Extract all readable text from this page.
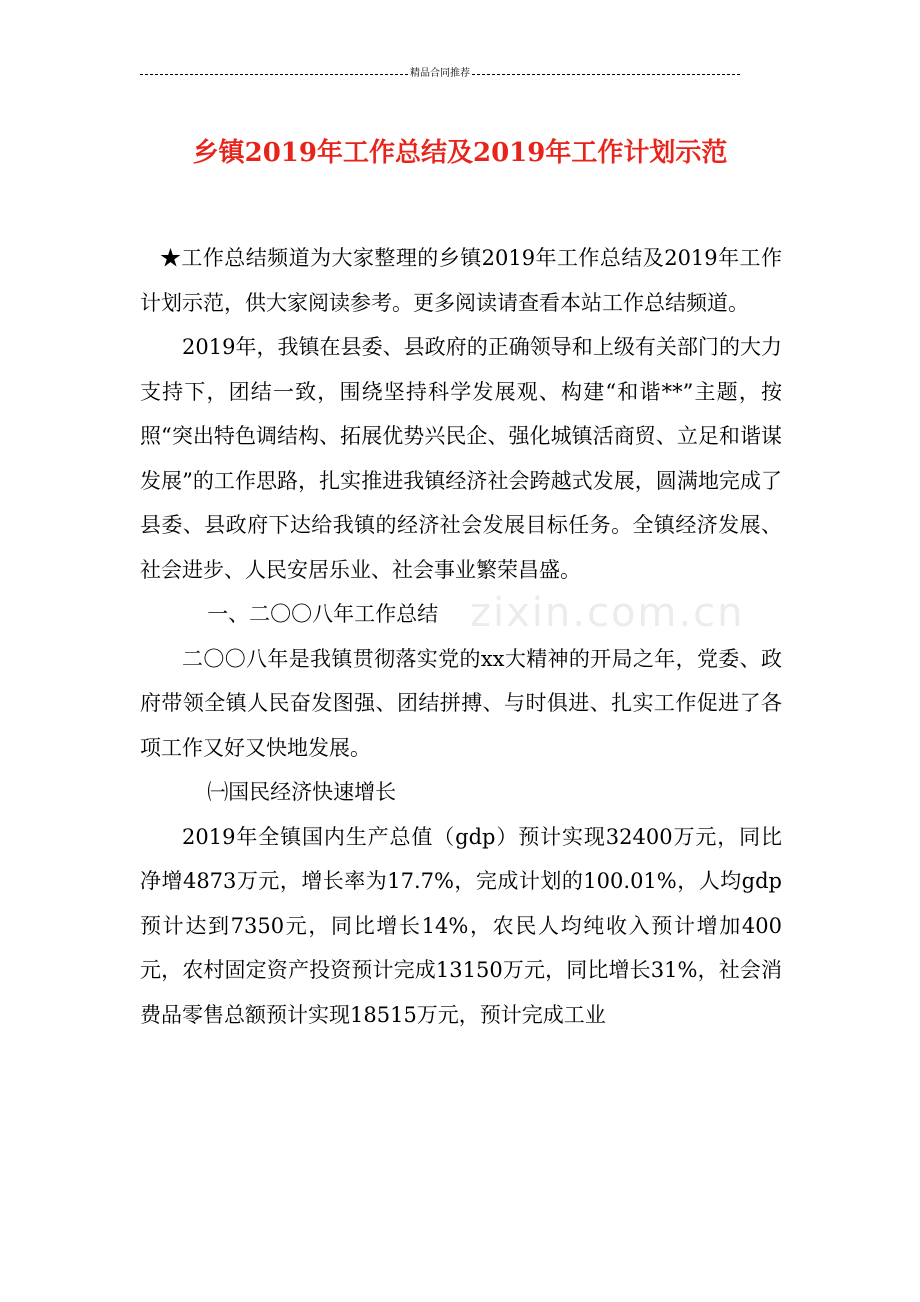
精品合同推荐
乡镇2019年工作总结及2019年工作计划示范

★工作总结频道为大家整理的乡镇2019年工作总结及2019年工作计划示范，供大家阅读参考。更多阅读请查看本站工作总结频道。

2019年，我镇在县委、县政府的正确领导和上级有关部门的大力支持下，团结一致，围绕坚持科学发展观、构建“和谐**”主题，按照“突出特色调结构、拓展优势兴民企、强化城镇活商贸、立足和谐谋发展”的工作思路，扎实推进我镇经济社会跨越式发展，圆满地完成了县委、县政府下达给我镇的经济社会发展目标任务。全镇经济发展、社会进步、人民安居乐业、社会事业繁荣昌盛。

一、二〇〇八年工作总结

二〇〇八年是我镇贯彻落实党的xx大精神的开局之年，党委、政府带领全镇人民奋发图强、团结拼搏、与时俱进、扎实工作促进了各项工作又好又快地发展。

㈠国民经济快速增长

2019年全镇国内生产总值（gdp）预计实现32400万元，同比净增4873万元，增长率为17.7%，完成计划的100.01%，人均gdp预计达到7350元，同比增长14%，农民人均纯收入预计增加400元，农村固定资产投资预计完成13150万元，同比增长31%，社会消费品零售总额预计实现18515万元，预计完成工业

zixin.com.cn
